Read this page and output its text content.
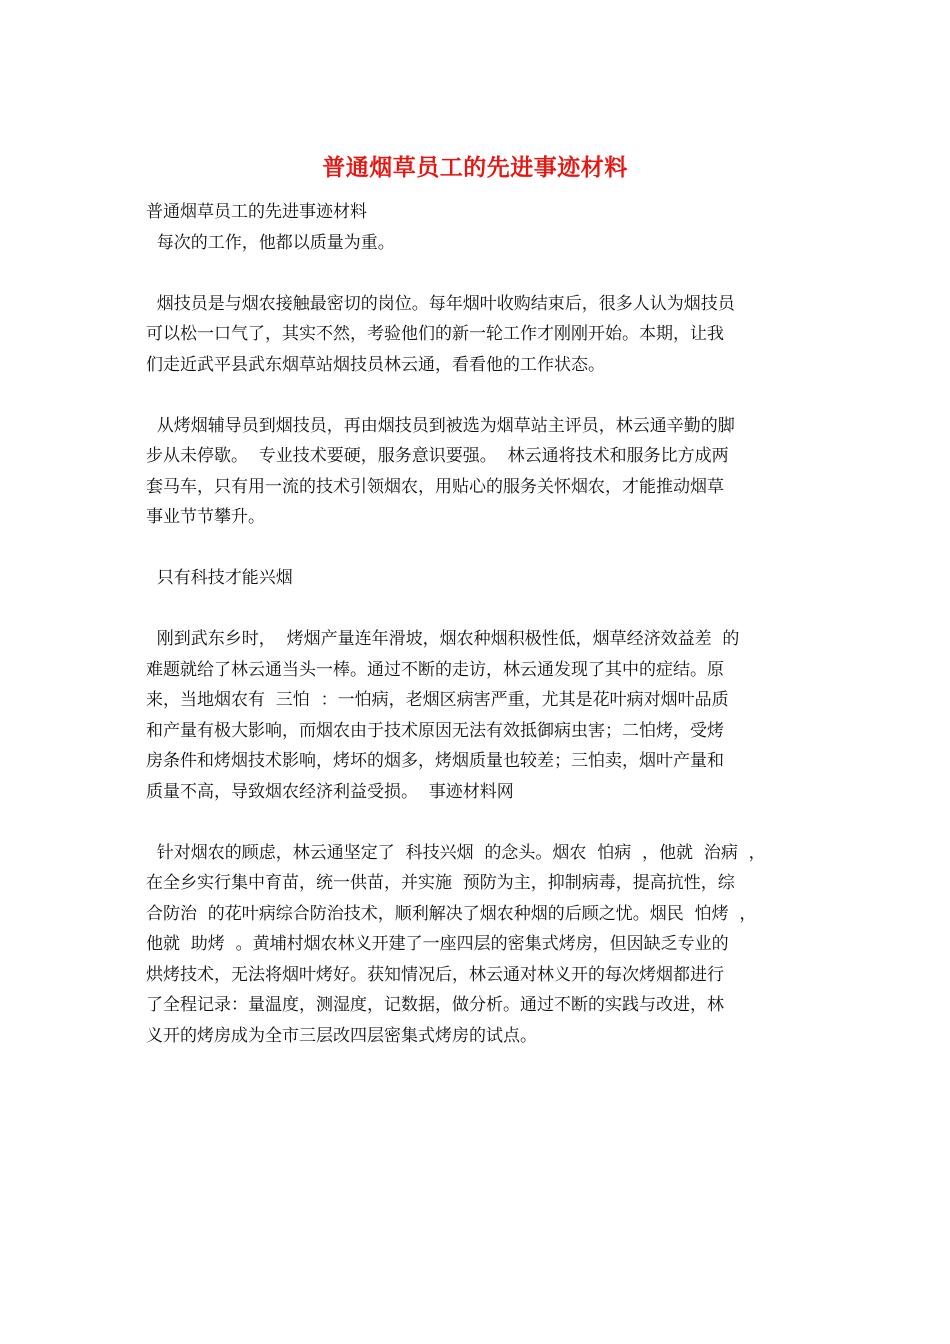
普通烟草员工的先进事迹材料
普通烟草员工的先进事迹材料
每次的工作，他都以质量为重。
烟技员是与烟农接触最密切的岗位。每年烟叶收购结束后，很多人认为烟技员
可以松一口气了，其实不然，考验他们的新一轮工作才刚刚开始。本期，让我
们走近武平县武东烟草站烟技员林云通，看看他的工作状态。
从烤烟辅导员到烟技员，再由烟技员到被选为烟草站主评员，林云通辛勤的脚
步从未停歇。  专业技术要硬，服务意识要强。  林云通将技术和服务比方成两
套马车，只有用一流的技术引领烟农，用贴心的服务关怀烟农，才能推动烟草
事业节节攀升。
只有科技才能兴烟
刚到武东乡时，  烤烟产量连年滑坡，烟农种烟积极性低，烟草经济效益差  的
难题就给了林云通当头一棒。通过不断的走访，林云通发现了其中的症结。原
来，当地烟农有  三怕  ：一怕病，老烟区病害严重，尤其是花叶病对烟叶品质
和产量有极大影响，而烟农由于技术原因无法有效抵御病虫害；二怕烤，受烤
房条件和烤烟技术影响，烤坏的烟多，烤烟质量也较差；三怕卖，烟叶产量和
质量不高，导致烟农经济利益受损。  事迹材料网
针对烟农的顾虑，林云通坚定了  科技兴烟  的念头。烟农  怕病  ，他就  治病  ，
在全乡实行集中育苗，统一供苗，并实施  预防为主，抑制病毒，提高抗性，综
合防治  的花叶病综合防治技术，顺利解决了烟农种烟的后顾之忧。烟民  怕烤  ，
他就  助烤  。黄埔村烟农林义开建了一座四层的密集式烤房，但因缺乏专业的
烘烤技术，无法将烟叶烤好。获知情况后，林云通对林义开的每次烤烟都进行
了全程记录：量温度，测湿度，记数据，做分析。通过不断的实践与改进，林
义开的烤房成为全市三层改四层密集式烤房的试点。
